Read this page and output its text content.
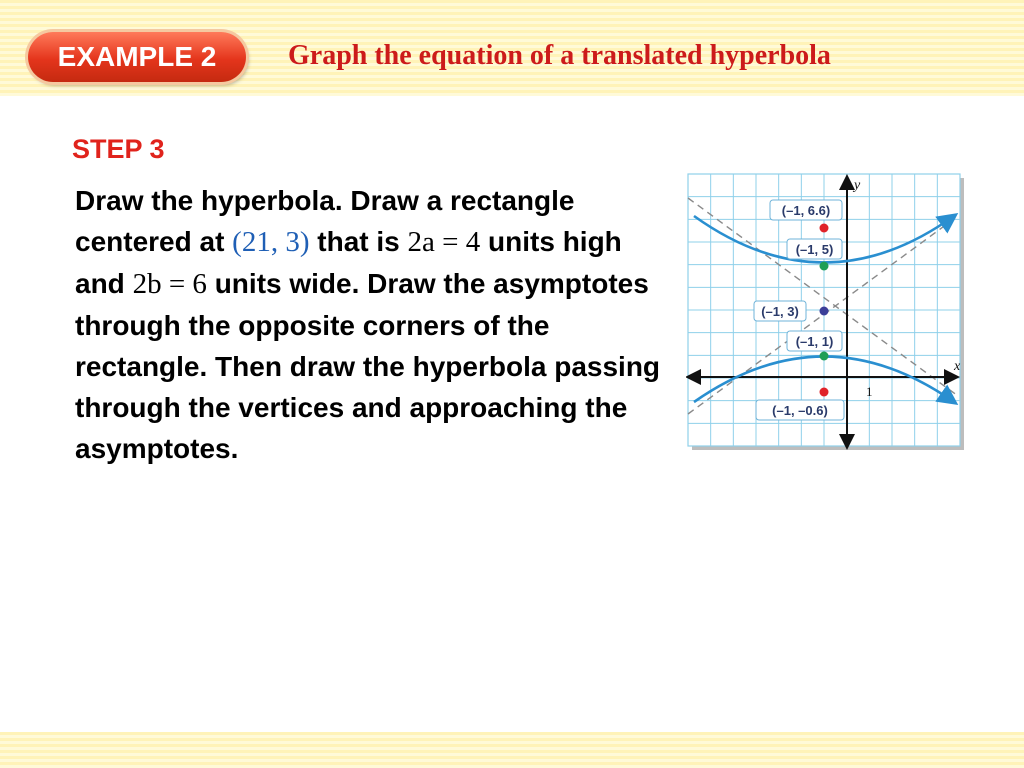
EXAMPLE 2	Graph the equation of a translated hyperbola
STEP 3
Draw the hyperbola. Draw a rectangle centered at (21, 3) that is 2a = 4 units high and 2b = 6 units wide. Draw the asymptotes through the opposite corners of the rectangle. Then draw the hyperbola passing through the vertices and approaching the asymptotes.
x
y
1
(–1, 6.6)
(–1, 5)
(–1, 3)
(–1, 1)
(–1, –0.6)
